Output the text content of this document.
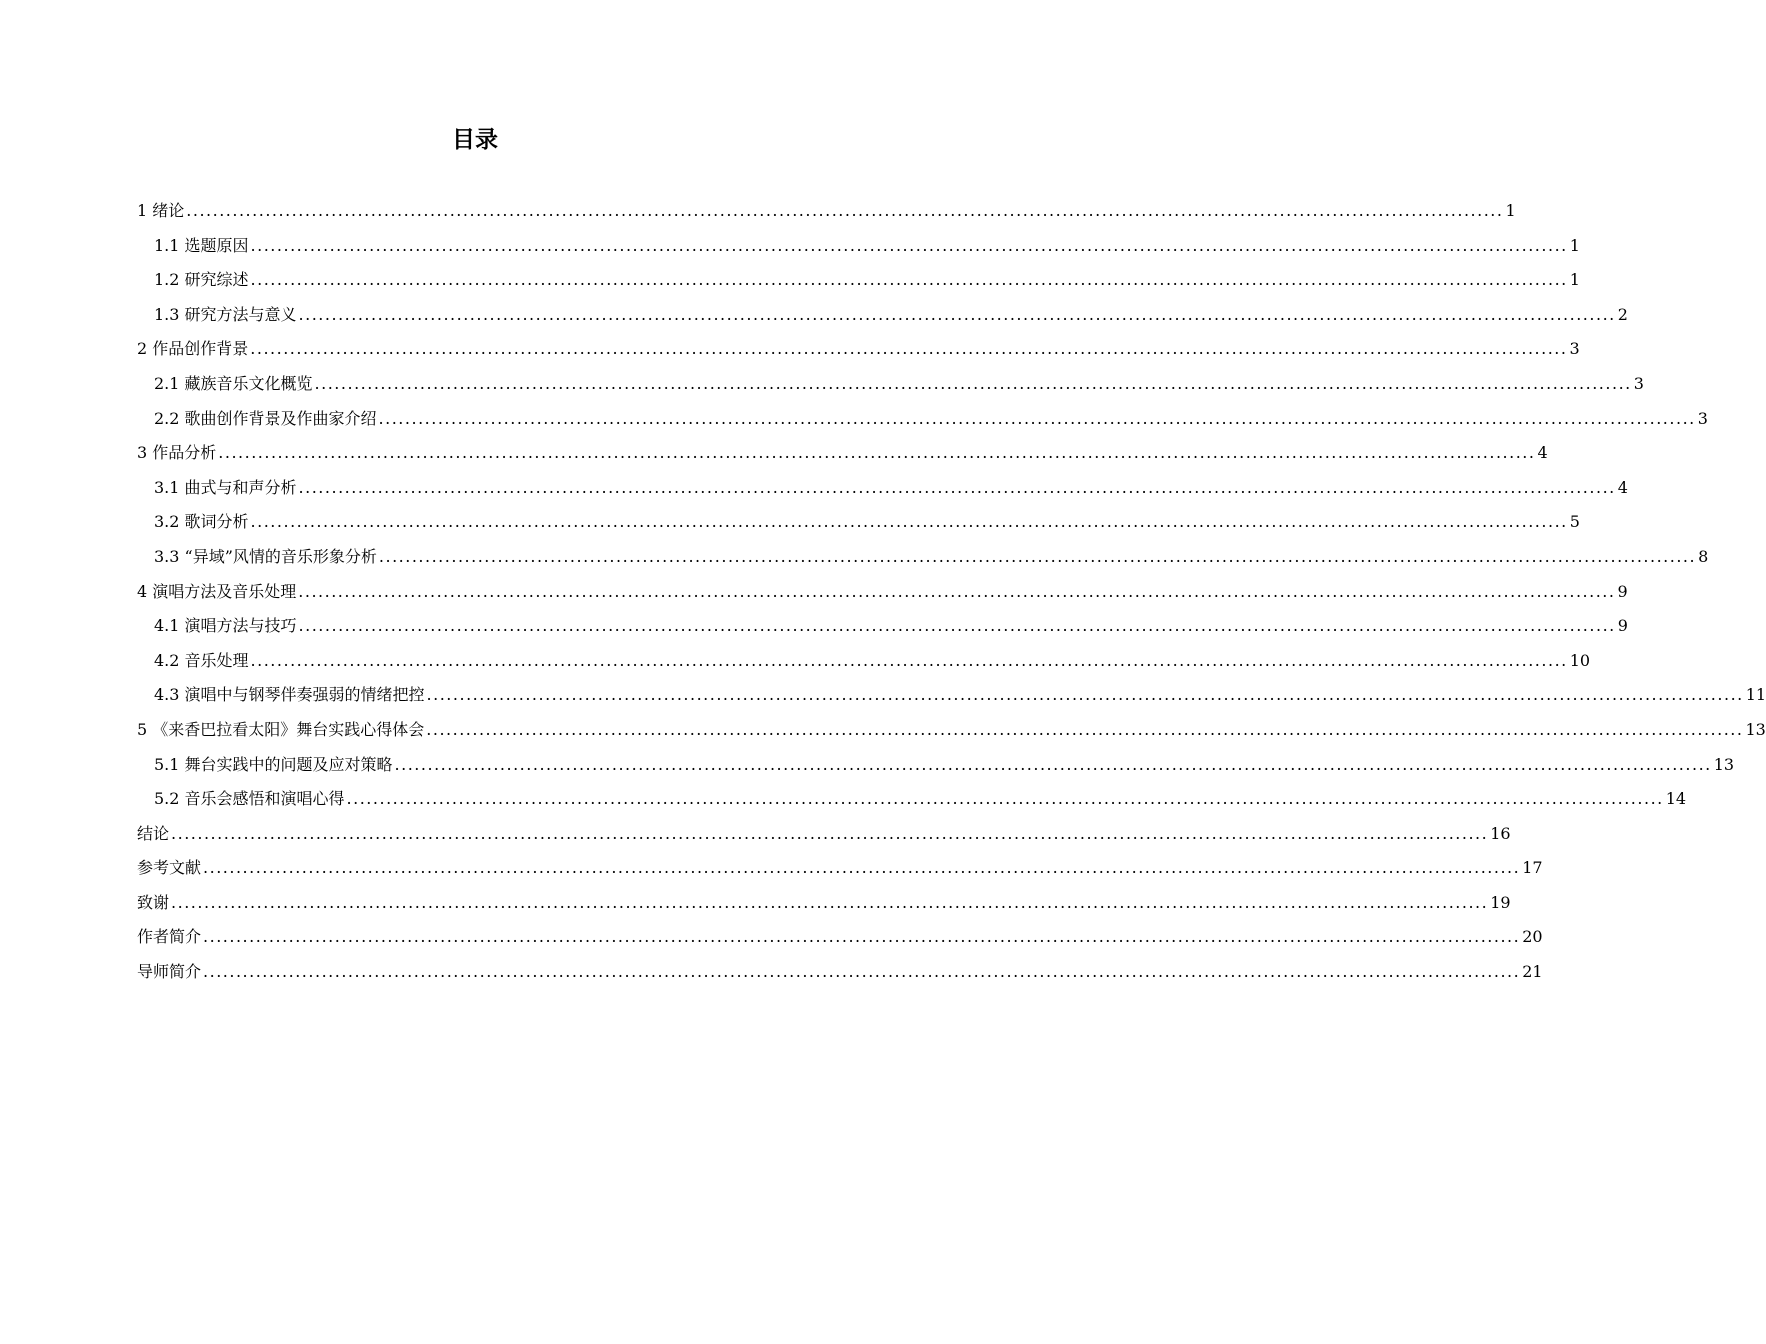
目录
1 绪论 ........................................................................................................................................................................................................ 1
1.1 选题原因 ........................................................................................................................................................................................................ 1
1.2 研究综述 ........................................................................................................................................................................................................ 1
1.3 研究方法与意义 ........................................................................................................................................................................................................ 2
2 作品创作背景 ........................................................................................................................................................................................................ 3
2.1 藏族音乐文化概览 ........................................................................................................................................................................................................ 3
2.2 歌曲创作背景及作曲家介绍 ........................................................................................................................................................................................................ 3
3 作品分析 ........................................................................................................................................................................................................ 4
3.1 曲式与和声分析 ........................................................................................................................................................................................................ 4
3.2 歌词分析 ........................................................................................................................................................................................................ 5
3.3 “异域”风情的音乐形象分析 ........................................................................................................................................................................................................ 8
4 演唱方法及音乐处理 ........................................................................................................................................................................................................ 9
4.1 演唱方法与技巧 ........................................................................................................................................................................................................ 9
4.2 音乐处理 ........................................................................................................................................................................................................ 10
4.3 演唱中与钢琴伴奏强弱的情绪把控 ........................................................................................................................................................................................................ 11
5 《来香巴拉看太阳》舞台实践心得体会 ........................................................................................................................................................................................................ 13
5.1 舞台实践中的问题及应对策略 ........................................................................................................................................................................................................ 13
5.2 音乐会感悟和演唱心得 ........................................................................................................................................................................................................ 14
结论 ........................................................................................................................................................................................................ 16
参考文献 ........................................................................................................................................................................................................ 17
致谢 ........................................................................................................................................................................................................ 19
作者简介 ........................................................................................................................................................................................................ 20
导师简介 ........................................................................................................................................................................................................ 21
